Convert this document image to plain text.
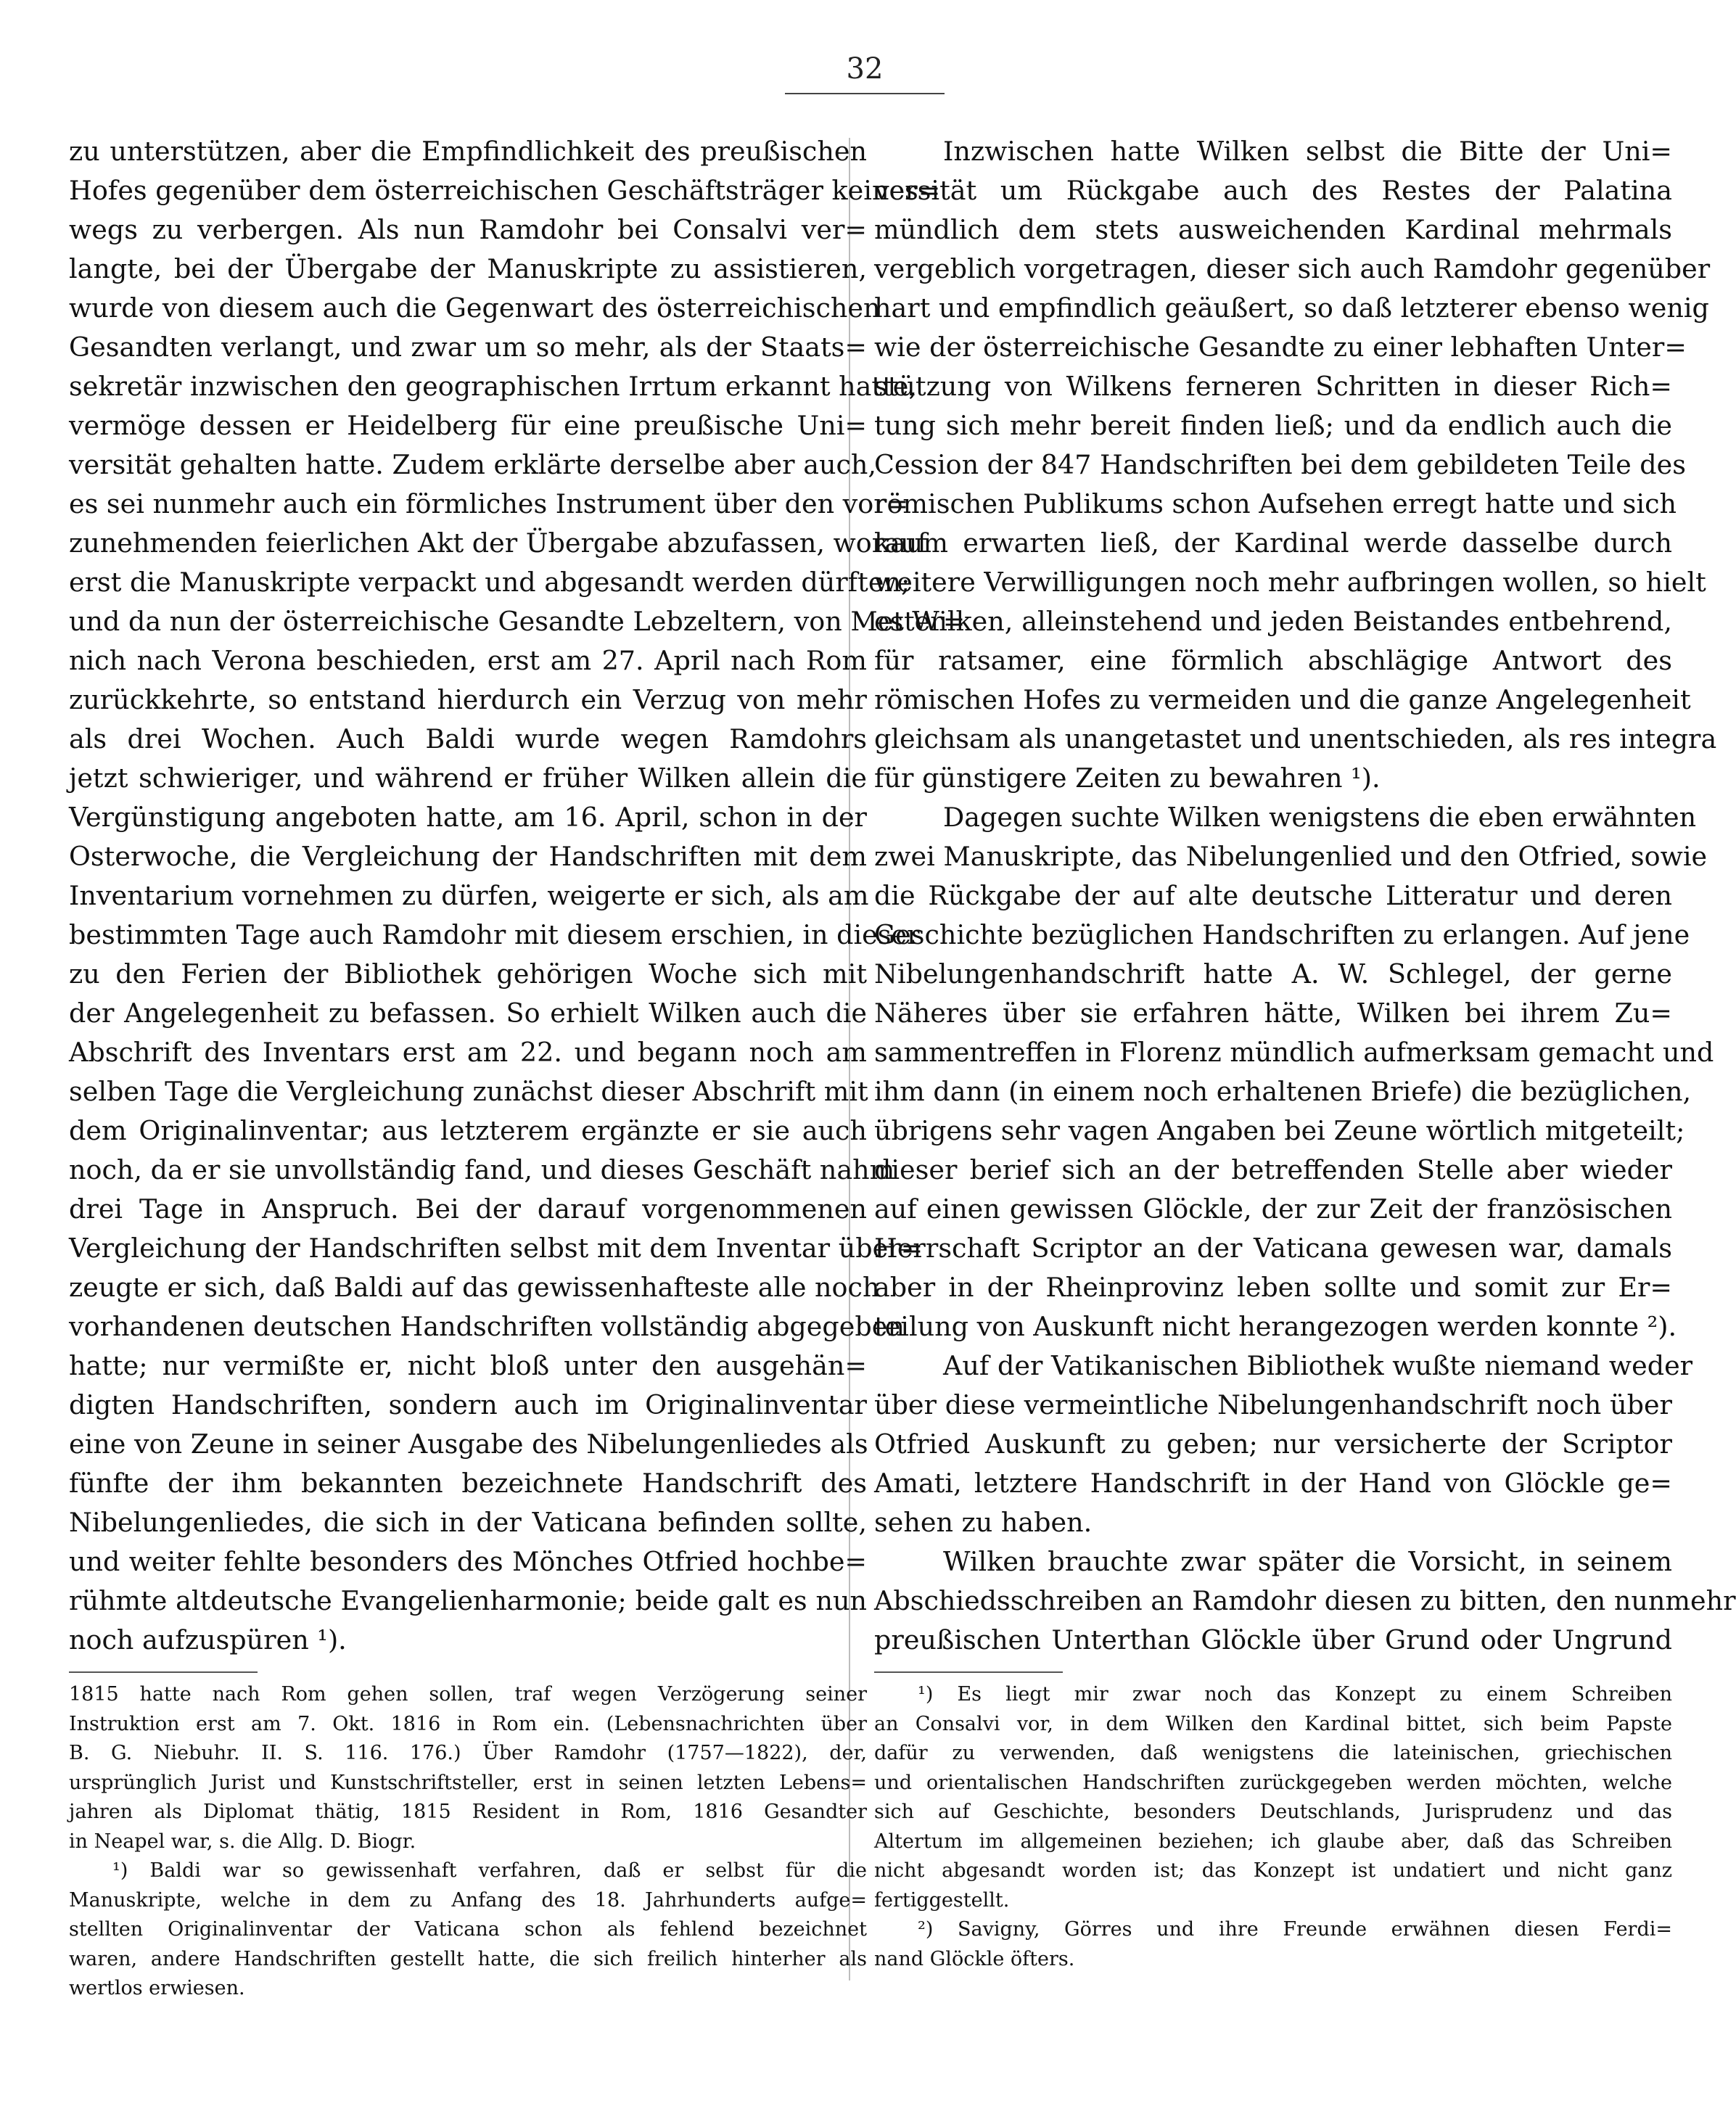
32
zu unterstützen, aber die Empfindlichkeit des preußischen
Hofes gegenüber dem österreichischen Geschäftsträger keines=
wegs zu verbergen. Als nun Ramdohr bei Consalvi ver=
langte, bei der Übergabe der Manuskripte zu assistieren,
wurde von diesem auch die Gegenwart des österreichischen
Gesandten verlangt, und zwar um so mehr, als der Staats=
sekretär inzwischen den geographischen Irrtum erkannt hatte,
vermöge dessen er Heidelberg für eine preußische Uni=
versität gehalten hatte. Zudem erklärte derselbe aber auch,
es sei nunmehr auch ein förmliches Instrument über den vor=
zunehmenden feierlichen Akt der Übergabe abzufassen, worauf
erst die Manuskripte verpackt und abgesandt werden dürften;
und da nun der österreichische Gesandte Lebzeltern, von Metter=
nich nach Verona beschieden, erst am 27. April nach Rom
zurückkehrte, so entstand hierdurch ein Verzug von mehr
als drei Wochen. Auch Baldi wurde wegen Ramdohrs
jetzt schwieriger, und während er früher Wilken allein die
Vergünstigung angeboten hatte, am 16. April, schon in der
Osterwoche, die Vergleichung der Handschriften mit dem
Inventarium vornehmen zu dürfen, weigerte er sich, als am
bestimmten Tage auch Ramdohr mit diesem erschien, in dieser
zu den Ferien der Bibliothek gehörigen Woche sich mit
der Angelegenheit zu befassen. So erhielt Wilken auch die
Abschrift des Inventars erst am 22. und begann noch am
selben Tage die Vergleichung zunächst dieser Abschrift mit
dem Originalinventar; aus letzterem ergänzte er sie auch
noch, da er sie unvollständig fand, und dieses Geschäft nahm
drei Tage in Anspruch. Bei der darauf vorgenommenen
Vergleichung der Handschriften selbst mit dem Inventar über=
zeugte er sich, daß Baldi auf das gewissenhafteste alle noch
vorhandenen deutschen Handschriften vollständig abgegeben
hatte; nur vermißte er, nicht bloß unter den ausgehän=
digten Handschriften, sondern auch im Originalinventar
eine von Zeune in seiner Ausgabe des Nibelungenliedes als
fünfte der ihm bekannten bezeichnete Handschrift des
Nibelungenliedes, die sich in der Vaticana befinden sollte,
und weiter fehlte besonders des Mönches Otfried hochbe=
rühmte altdeutsche Evangelienharmonie; beide galt es nun
noch aufzuspüren ¹).
1815 hatte nach Rom gehen sollen, traf wegen Verzögerung seiner
Instruktion erst am 7. Okt. 1816 in Rom ein. (Lebensnachrichten über
B. G. Niebuhr. II. S. 116. 176.) Über Ramdohr (1757—1822), der,
ursprünglich Jurist und Kunstschriftsteller, erst in seinen letzten Lebens=
jahren als Diplomat thätig, 1815 Resident in Rom, 1816 Gesandter
in Neapel war, s. die Allg. D. Biogr.
¹) Baldi war so gewissenhaft verfahren, daß er selbst für die
Manuskripte, welche in dem zu Anfang des 18. Jahrhunderts aufge=
stellten Originalinventar der Vaticana schon als fehlend bezeichnet
waren, andere Handschriften gestellt hatte, die sich freilich hinterher als
wertlos erwiesen.
Inzwischen hatte Wilken selbst die Bitte der Uni=
versität um Rückgabe auch des Restes der Palatina
mündlich dem stets ausweichenden Kardinal mehrmals
vergeblich vorgetragen, dieser sich auch Ramdohr gegenüber
hart und empfindlich geäußert, so daß letzterer ebenso wenig
wie der österreichische Gesandte zu einer lebhaften Unter=
stützung von Wilkens ferneren Schritten in dieser Rich=
tung sich mehr bereit finden ließ; und da endlich auch die
Cession der 847 Handschriften bei dem gebildeten Teile des
römischen Publikums schon Aufsehen erregt hatte und sich
kaum erwarten ließ, der Kardinal werde dasselbe durch
weitere Verwilligungen noch mehr aufbringen wollen, so hielt
es Wilken, alleinstehend und jeden Beistandes entbehrend,
für ratsamer, eine förmlich abschlägige Antwort des
römischen Hofes zu vermeiden und die ganze Angelegenheit
gleichsam als unangetastet und unentschieden, als res integra
für günstigere Zeiten zu bewahren ¹).
Dagegen suchte Wilken wenigstens die eben erwähnten
zwei Manuskripte, das Nibelungenlied und den Otfried, sowie
die Rückgabe der auf alte deutsche Litteratur und deren
Geschichte bezüglichen Handschriften zu erlangen. Auf jene
Nibelungenhandschrift hatte A. W. Schlegel, der gerne
Näheres über sie erfahren hätte, Wilken bei ihrem Zu=
sammentreffen in Florenz mündlich aufmerksam gemacht und
ihm dann (in einem noch erhaltenen Briefe) die bezüglichen,
übrigens sehr vagen Angaben bei Zeune wörtlich mitgeteilt;
dieser berief sich an der betreffenden Stelle aber wieder
auf einen gewissen Glöckle, der zur Zeit der französischen
Herrschaft Scriptor an der Vaticana gewesen war, damals
aber in der Rheinprovinz leben sollte und somit zur Er=
teilung von Auskunft nicht herangezogen werden konnte ²).
Auf der Vatikanischen Bibliothek wußte niemand weder
über diese vermeintliche Nibelungenhandschrift noch über
Otfried Auskunft zu geben; nur versicherte der Scriptor
Amati, letztere Handschrift in der Hand von Glöckle ge=
sehen zu haben.
Wilken brauchte zwar später die Vorsicht, in seinem
Abschiedsschreiben an Ramdohr diesen zu bitten, den nunmehr
preußischen Unterthan Glöckle über Grund oder Ungrund
¹) Es liegt mir zwar noch das Konzept zu einem Schreiben
an Consalvi vor, in dem Wilken den Kardinal bittet, sich beim Papste
dafür zu verwenden, daß wenigstens die lateinischen, griechischen
und orientalischen Handschriften zurückgegeben werden möchten, welche
sich auf Geschichte, besonders Deutschlands, Jurisprudenz und das
Altertum im allgemeinen beziehen; ich glaube aber, daß das Schreiben
nicht abgesandt worden ist; das Konzept ist undatiert und nicht ganz
fertiggestellt.
²) Savigny, Görres und ihre Freunde erwähnen diesen Ferdi=
nand Glöckle öfters.
